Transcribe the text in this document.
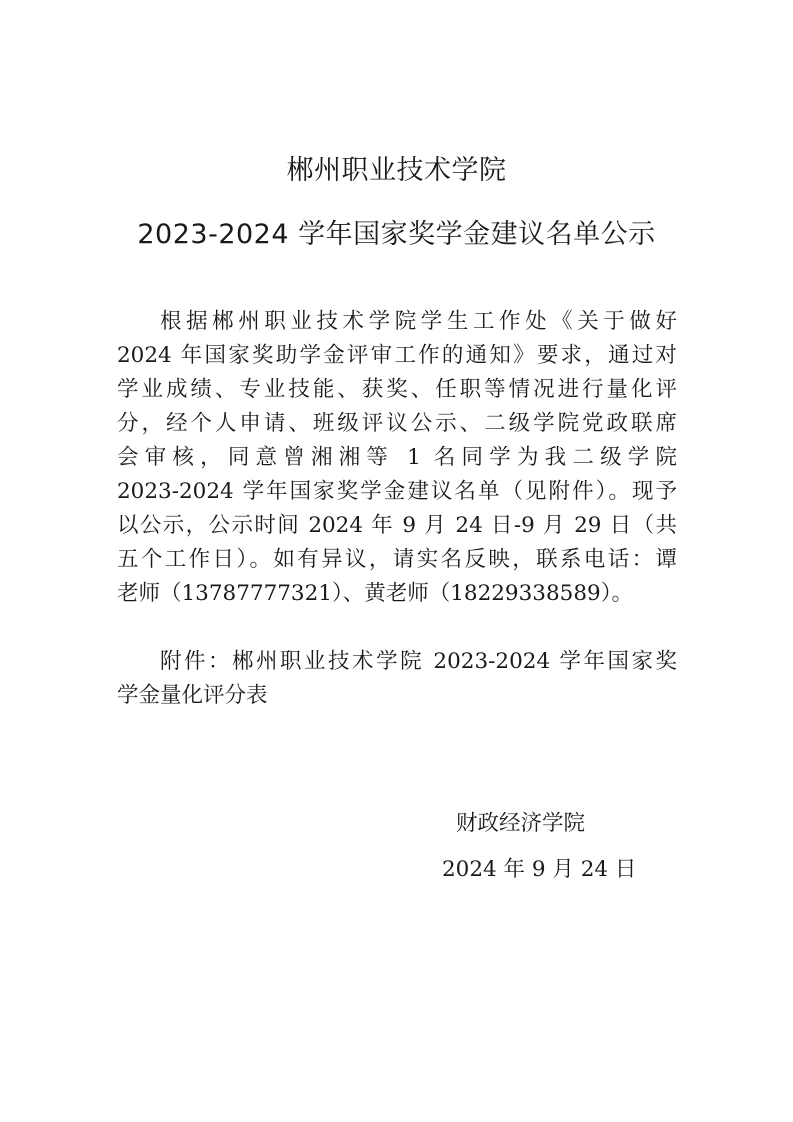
郴州职业技术学院
2023-2024 学年国家奖学金建议名单公示
根据郴州职业技术学院学生工作处《关于做好
2024 年国家奖助学金评审工作的通知》要求，通过对
学业成绩、专业技能、获奖、任职等情况进行量化评
分，经个人申请、班级评议公示、二级学院党政联席
会审核，同意曾湘湘等 1 名同学为我二级学院
2023-2024 学年国家奖学金建议名单（见附件）。现予
以公示，公示时间 2024 年 9 月 24 日-9 月 29 日（共
五个工作日）。如有异议，请实名反映，联系电话：谭
老师（13787777321）、黄老师（18229338589）。
附件：郴州职业技术学院 2023-2024 学年国家奖
学金量化评分表
财政经济学院
2024 年 9 月 24 日
